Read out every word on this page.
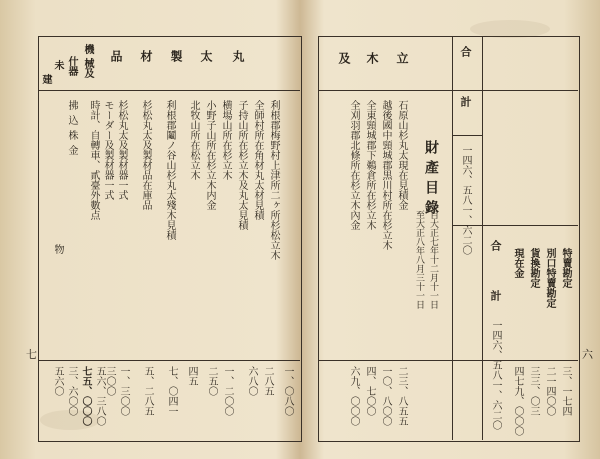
丸
太
製
材
品
機
械及
什器
未
建
利根郡梅野村上津所二ヶ所杉松立木
全師村所在角材丸太材見積
子持山所在杉立木及丸太見積
横場山所在杉立木
小野子山所在杉立木内金
北牧山所在松立木
利根郡鬮ノ谷山杉丸太殘木見積
杉松丸太及製材品在庫品
杉松丸太及製材器一式
モーダー及製材器一式
時計、自轉車、貳臺外數点
拂込株金
物
一、〇八〇
二八五
六八〇
一、二〇〇
二五〇
四五
七、〇四一
五、二八五
一、三〇〇
三〇〇
七五、〇〇〇
三、六〇〇 五六、三八〇
五六〇
七
立
木
及
石原山杉丸太現在見積金
越後國中頸城郡黒川村所在杉立木
全東頸城郡下鵜倉所在杉立木
全刈羽郡北條所在杉立木內金
二三、八五五
一〇、八〇〇
四、七〇〇
六九、〇〇〇
財產目錄
自大正七年十二月十一日
至大正八年八月三十一日
合　計
一四六、五八一、六二〇
特賣勘定
別口特賣勘定
貨換勘定
現在金
合　計
三、一七四
二一四〇〇
三三、〇三
四七九、〇〇〇
一四六、五八一、六二〇	六
